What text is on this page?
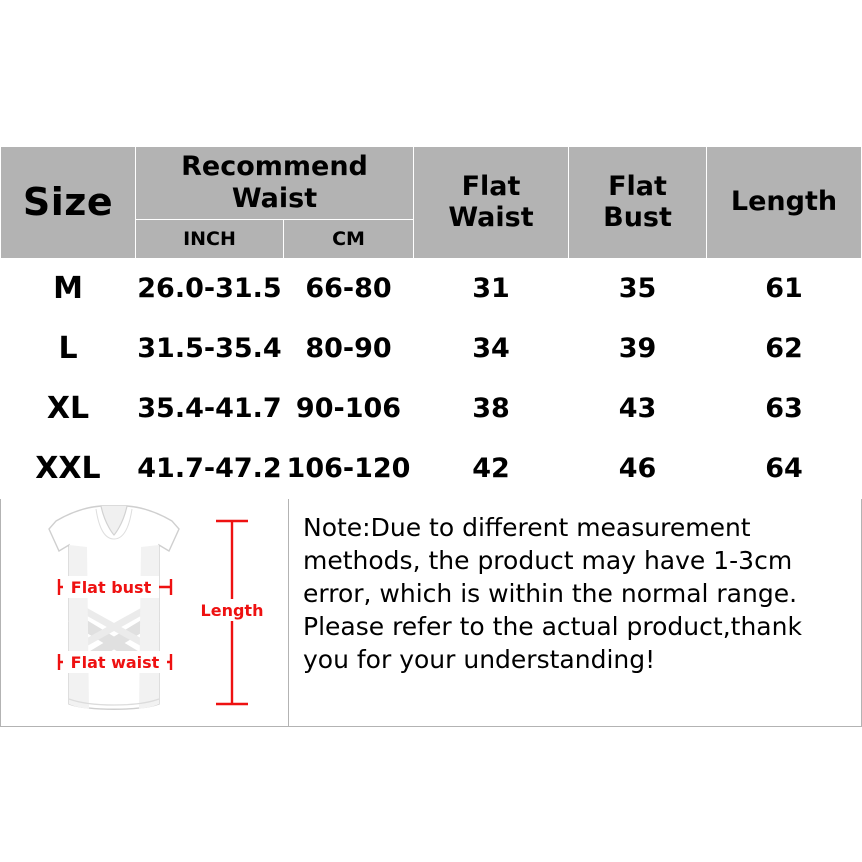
Size	Recommend Waist		Flat Waist	Flat Bust	Length
	INCH	CM			
M	26.0-31.5	66-80	31	35	61
L	31.5-35.4	80-90	34	39	62
XL	35.4-41.7	90-106	38	43	63
XXL	41.7-47.2	106-120	42	46	64
Flat bust
Flat waist
Length

Note:Due to different measurement methods, the product may have 1-3cm error, which is within the normal range. Please refer to the actual product,thank you for your understanding!
